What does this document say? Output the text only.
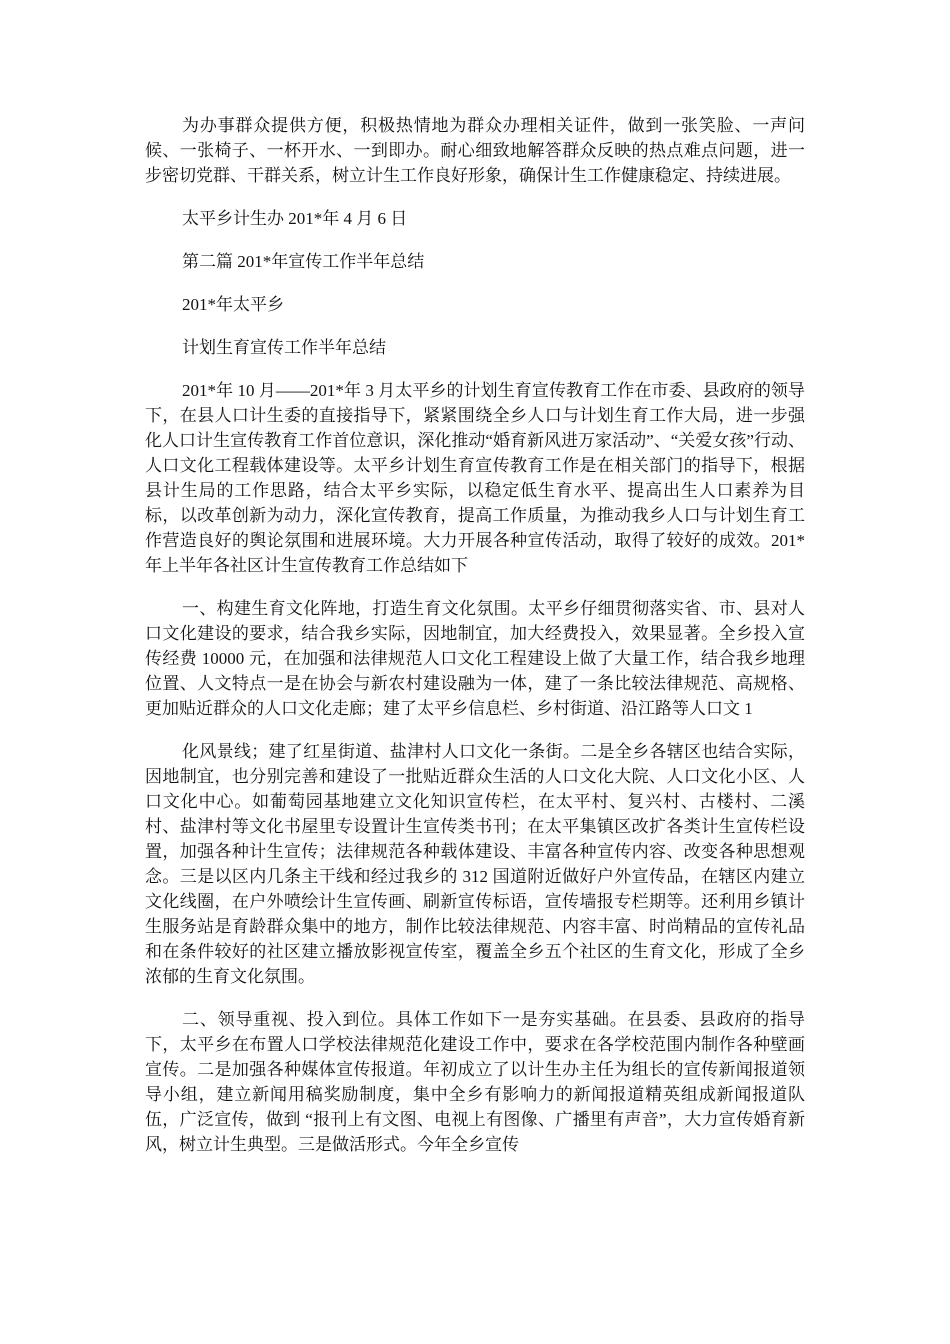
为办事群众提供方便，积极热情地为群众办理相关证件，做到一张笑脸、一声问候、一张椅子、一杯开水、一到即办。耐心细致地解答群众反映的热点难点问题，进一步密切党群、干群关系，树立计生工作良好形象，确保计生工作健康稳定、持续进展。

太平乡计生办 201*年 4 月 6 日

第二篇 201*年宣传工作半年总结

201*年太平乡

计划生育宣传工作半年总结

201*年 10 月——201*年 3 月太平乡的计划生育宣传教育工作在市委、县政府的领导下，在县人口计生委的直接指导下，紧紧围绕全乡人口与计划生育工作大局，进一步强化人口计生宣传教育工作首位意识，深化推动“婚育新风进万家活动”、“关爱女孩”行动、人口文化工程载体建设等。太平乡计划生育宣传教育工作是在相关部门的指导下，根据县计生局的工作思路，结合太平乡实际，以稳定低生育水平、提高出生人口素养为目标，以改革创新为动力，深化宣传教育，提高工作质量，为推动我乡人口与计划生育工作营造良好的舆论氛围和进展环境。大力开展各种宣传活动，取得了较好的成效。201*年上半年各社区计生宣传教育工作总结如下

一、构建生育文化阵地，打造生育文化氛围。太平乡仔细贯彻落实省、市、县对人口文化建设的要求，结合我乡实际，因地制宜，加大经费投入，效果显著。全乡投入宣传经费 10000 元，在加强和法律规范人口文化工程建设上做了大量工作，结合我乡地理位置、人文特点一是在协会与新农村建设融为一体，建了一条比较法律规范、高规格、更加贴近群众的人口文化走廊；建了太平乡信息栏、乡村街道、沿江路等人口文 1

化风景线；建了红星街道、盐津村人口文化一条街。二是全乡各辖区也结合实际，因地制宜，也分别完善和建设了一批贴近群众生活的人口文化大院、人口文化小区、人口文化中心。如葡萄园基地建立文化知识宣传栏，在太平村、复兴村、古楼村、二溪村、盐津村等文化书屋里专设置计生宣传类书刊；在太平集镇区改扩各类计生宣传栏设置，加强各种计生宣传；法律规范各种载体建设、丰富各种宣传内容、改变各种思想观念。三是以区内几条主干线和经过我乡的 312 国道附近做好户外宣传品，在辖区内建立文化线圈，在户外喷绘计生宣传画、刷新宣传标语，宣传墙报专栏期等。还利用乡镇计生服务站是育龄群众集中的地方，制作比较法律规范、内容丰富、时尚精品的宣传礼品和在条件较好的社区建立播放影视宣传室，覆盖全乡五个社区的生育文化，形成了全乡浓郁的生育文化氛围。

二、领导重视、投入到位。具体工作如下一是夯实基础。在县委、县政府的指导下，太平乡在布置人口学校法律规范化建设工作中，要求在各学校范围内制作各种壁画宣传。二是加强各种媒体宣传报道。年初成立了以计生办主任为组长的宣传新闻报道领导小组，建立新闻用稿奖励制度，集中全乡有影响力的新闻报道精英组成新闻报道队伍，广泛宣传，做到 “报刊上有文图、电视上有图像、广播里有声音”，大力宣传婚育新风，树立计生典型。三是做活形式。今年全乡宣传
